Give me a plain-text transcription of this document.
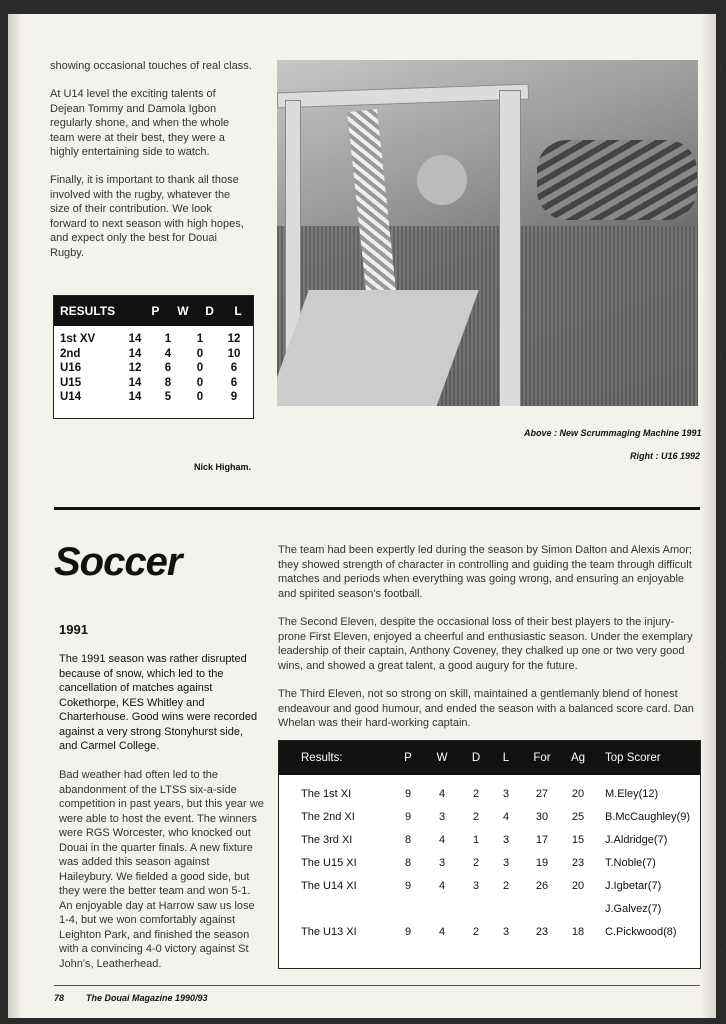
showing occasional touches of real class.
At U14 level the exciting talents of Dejean Tommy and Damola Igbon regularly shone, and when the whole team were at their best, they were a highly entertaining side to watch.
Finally, it is important to thank all those involved with the rugby, whatever the size of their contribution. We look forward to next season with high hopes, and expect only the best for Douai Rugby.
RESULTS	P	W	D	L
1st XV	14	1	1	12
2nd	14	4	0	10
U16	12	6	0	6
U15	14	8	0	6
U14	14	5	0	9
Above : New Scrummaging Machine 1991
Right : U16 1992
Nick Higham.
Soccer
1991
The 1991 season was rather disrupted because of snow, which led to the cancellation of matches against Cokethorpe, KES Whitley and Charterhouse. Good wins were recorded against a very strong Stonyhurst side, and Carmel College.
Bad weather had often led to the abandonment of the LTSS six-a-side competition in past years, but this year we were able to host the event. The winners were RGS Worcester, who knocked out Douai in the quarter finals. A new fixture was added this season against Haileybury. We fielded a good side, but they were the better team and won 5-1. An enjoyable day at Harrow saw us lose 1-4, but we won comfortably against Leighton Park, and finished the season with a convincing 4-0 victory against St John's, Leatherhead.
The team had been expertly led during the season by Simon Dalton and Alexis Amor; they showed strength of character in controlling and guiding the team through difficult matches and periods when everything was going wrong, and ensuring an enjoyable and spirited season's football.
The Second Eleven, despite the occasional loss of their best players to the injury-prone First Eleven, enjoyed a cheerful and enthusiastic season. Under the exemplary leadership of their captain, Anthony Coveney, they chalked up one or two very good wins, and showed a great talent, a good augury for the future.
The Third Eleven, not so strong on skill, maintained a gentlemanly blend of honest endeavour and good humour, and ended the season with a balanced score card. Dan Whelan was their hard-working captain.
Results:	P	W	D	L	For	Ag	Top Scorer
The 1st XI	9	4	2	3	27	20	M.Eley(12)
The 2nd XI	9	3	2	4	30	25	B.McCaughley(9)
The 3rd XI	8	4	1	3	17	15	J.Aldridge(7)
The U15 XI	8	3	2	3	19	23	T.Noble(7)
The U14 XI	9	4	3	2	26	20	J.Igbetar(7)
J.Galvez(7)
The U13 XI	9	4	2	3	23	18	C.Pickwood(8)
78 The Douai Magazine 1990/93
